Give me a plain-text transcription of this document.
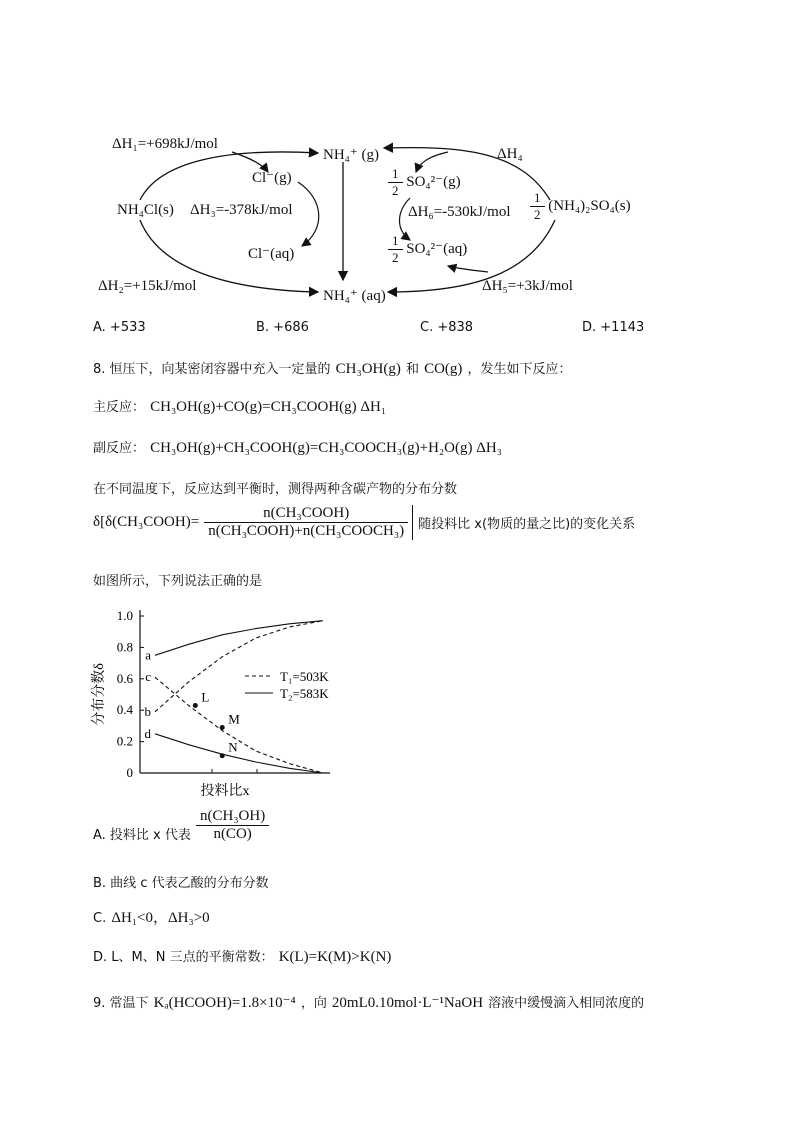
ΔH₁=+698kJ/mol
ΔH₂=+15kJ/mol
ΔH₃=-378kJ/mol
ΔH₄
ΔH₅=+3kJ/mol
ΔH₆=-530kJ/mol
NH₄Cl(s)
Cl⁻(g)
Cl⁻(aq)
NH₄⁺ (g)
NH₄⁺ (aq)
$\frac{1}{2} SO_4^{2-}(g)$
$\frac{1}{2} SO_4^{2-}(aq)$
$\frac{1}{2} (NH_4)_2SO_4(s)$
A. +533	B. +686	C. +838	D. +1143
8. 恒压下，向某密闭容器中充入一定量的 CH₃OH(g) 和 CO(g) ，发生如下反应：
主反应： CH₃OH(g)+CO(g)=CH₃COOH(g) ΔH₁
副反应： CH₃OH(g)+CH₃COOH(g)=CH₃COOCH₃(g)+H₂O(g) ΔH₃
在不同温度下，反应达到平衡时，测得两种含碳产物的分布分数
δ[δ(CH₃COOH)= $\frac{\text{n(CH₃COOH)}}{\text{n(CH₃COOH)+n(CH₃COOCH₃)}}$ 随投料比 x(物质的量之比)的变化关系
如图所示，下列说法正确的是
0
0.2
0.4
0.6
0.8
1.0
分布分数δ
投料比x
a
b
c
d
L
M
N
T₁=503K
T₂=583K
A. 投料比 x 代表 $\frac{\text{n(CH₃OH)}}{n(CO)}$
B. 曲线 c 代表乙酸的分布分数
C. ΔH₁<0，ΔH₃>0
D. L、M、N 三点的平衡常数： K(L)=K(M)>K(N)
9. 常温下 Kₐ(HCOOH)=1.8×10⁻⁴ ，向 20mL0.10mol·L⁻¹NaOH 溶液中缓慢滴入相同浓度的
